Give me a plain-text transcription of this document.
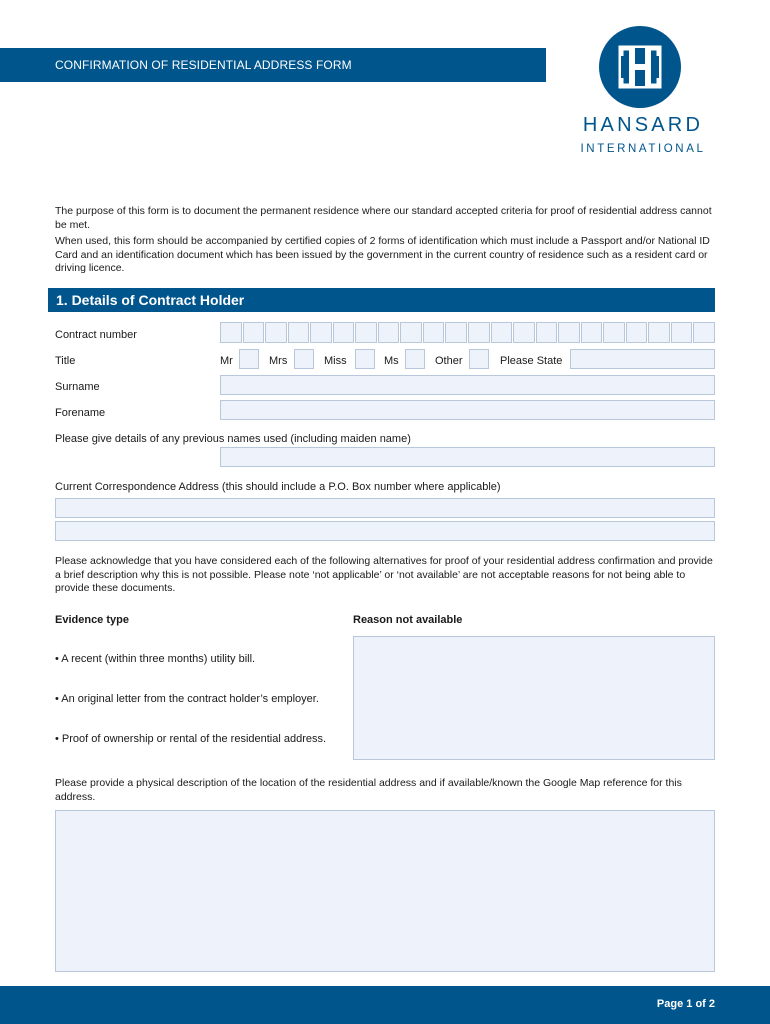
CONFIRMATION OF RESIDENTIAL ADDRESS FORM
HANSARD
INTERNATIONAL
The purpose of this form is to document the permanent residence where our standard accepted criteria for proof of residential address cannot be met.
When used, this form should be accompanied by certified copies of 2 forms of identification which must include a Passport and/or National ID Card and an identification document which has been issued by the government in the current country of residence such as a resident card or driving licence.
1. Details of Contract Holder
Contract number
Title	Mr	Mrs	Miss	Ms	Other	Please State
Surname
Forename
Please give details of any previous names used (including maiden name)
Current Correspondence Address (this should include a P.O. Box number where applicable)
Please acknowledge that you have considered each of the following alternatives for proof of your residential address confirmation and provide a brief description why this is not possible. Please note ‘not applicable’ or ‘not available’ are not acceptable reasons for not being able to provide these documents.
Evidence type	Reason not available
• A recent (within three months) utility bill.
• An original letter from the contract holder’s employer.
• Proof of ownership or rental of the residential address.
Please provide a physical description of the location of the residential address and if available/known the Google Map reference for this address.
Page 1 of 2
